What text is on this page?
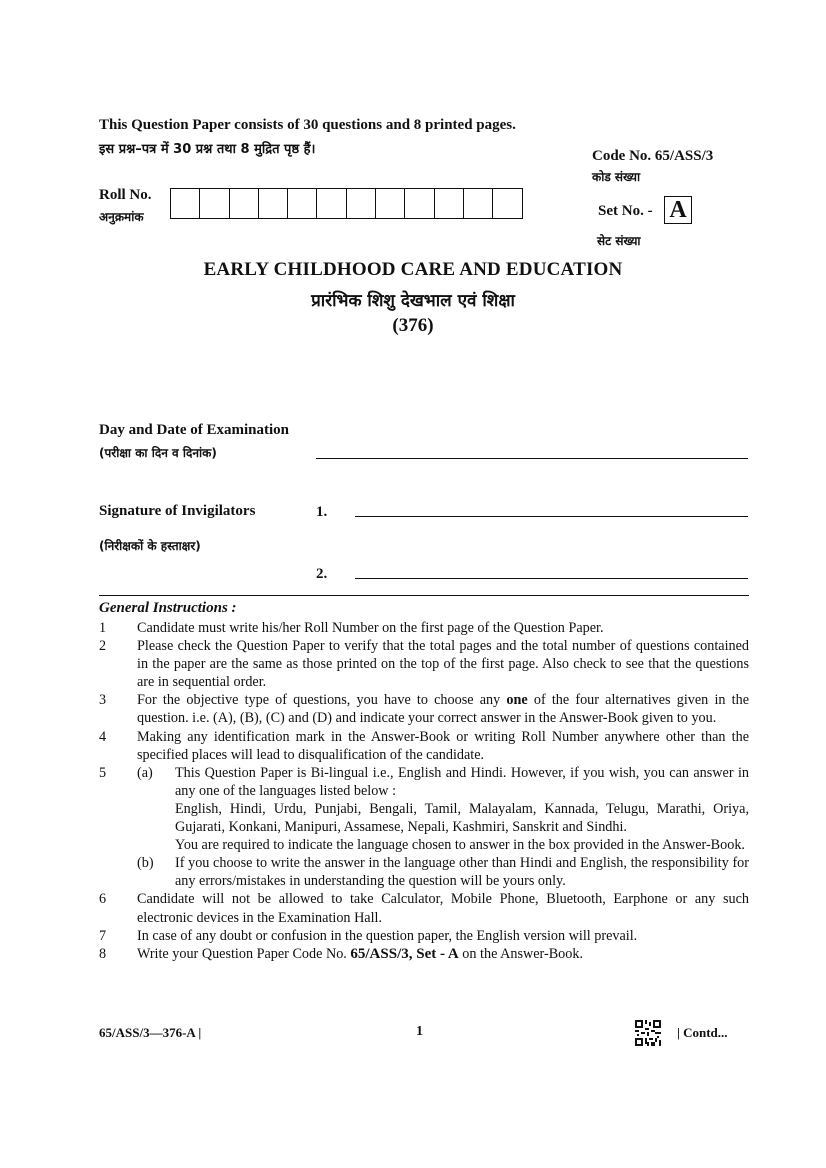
This Question Paper consists of 30 questions and 8 printed pages.
इस प्रश्न–पत्र में 30 प्रश्न तथा 8 मुद्रित पृष्ठ हैं।	Code No. 65/ASS/3
कोड संख्या
Set No. - A
सेट संख्या
Roll No.
अनुक्रमांक
EARLY CHILDHOOD CARE AND EDUCATION
प्रारंभिक शिशु देखभाल एवं शिक्षा
(376)
Day and Date of Examination
(परीक्षा का दिन व दिनांक)
Signature of Invigilators
(निरीक्षकों के हस्ताक्षर)
1.
2.
General Instructions :
1	Candidate must write his/her Roll Number on the first page of the Question Paper.
2	Please check the Question Paper to verify that the total pages and the total number of questions contained in the paper are the same as those printed on the top of the first page. Also check to see that the questions are in sequential order.
3	For the objective type of questions, you have to choose any one of the four alternatives given in the question. i.e. (A), (B), (C) and (D) and indicate your correct answer in the Answer-Book given to you.
4	Making any identification mark in the Answer-Book or writing Roll Number anywhere other than the specified places will lead to disqualification of the candidate.
5	(a)	This Question Paper is Bi-lingual i.e., English and Hindi. However, if you wish, you can answer in any one of the languages listed below :
English, Hindi, Urdu, Punjabi, Bengali, Tamil, Malayalam, Kannada, Telugu, Marathi, Oriya, Gujarati, Konkani, Manipuri, Assamese, Nepali, Kashmiri, Sanskrit and Sindhi.
You are required to indicate the language chosen to answer in the box provided in the Answer-Book.
(b)	If you choose to write the answer in the language other than Hindi and English, the responsibility for any errors/mistakes in understanding the question will be yours only.
6	Candidate will not be allowed to take Calculator, Mobile Phone, Bluetooth, Earphone or any such electronic devices in the Examination Hall.
7	In case of any doubt or confusion in the question paper, the English version will prevail.
8	Write your Question Paper Code No. 65/ASS/3, Set - A on the Answer-Book.
65/ASS/3—376-A |	1	| Contd...
